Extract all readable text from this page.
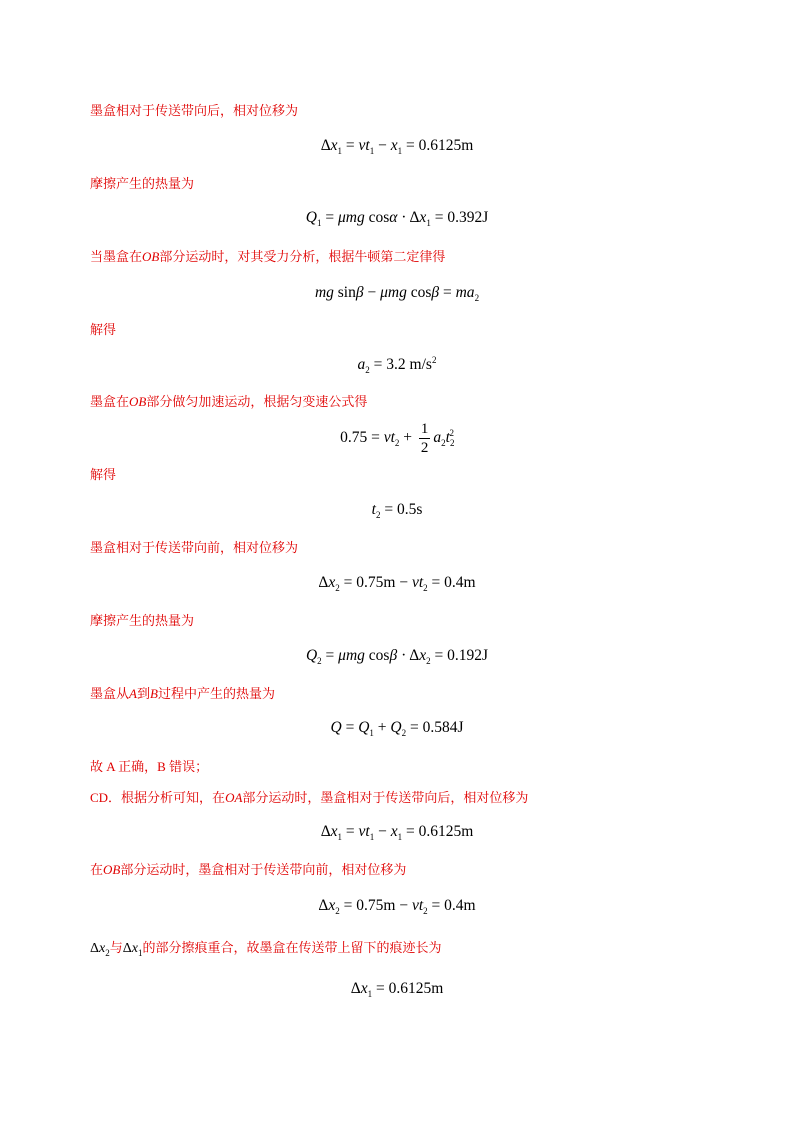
墨盒相对于传送带向后，相对位移为
$\Delta x_1 = vt_1 - x_1 = 0.6125m$
摩擦产生的热量为
$Q_1 = \mu mg$ $\cos\alpha \cdot \Delta x_1 = 0.392J$
当墨盒在OB部分运动时，对其受力分析，根据牛顿第二定律得
mg sinβ − μmg $\cos\beta = ma_2$
解得
$a_2 = 3.2$ $m/s^2$
墨盒在OB部分做匀加速运动，根据匀变速公式得
$0.75 = vt_2 + \frac{1}{2} a_2t_2^2$
解得
$t_2 = 0.5s$
墨盒相对于传送带向前，相对位移为
$\Delta x_2 = 0.75m - vt_2 = 0.4m$
摩擦产生的热量为
$Q_2 = \mu mg$ $\cos\beta \cdot \Delta x_2 = 0.192J$
墨盒从A到B过程中产生的热量为
$Q = Q_1 + Q_2 = 0.584J$
故 A 正确，B 错误；
CD．根据分析可知，在OA部分运动时，墨盒相对于传送带向后，相对位移为
$\Delta x_1 = vt_1 - x_1 = 0.6125m$
在OB部分运动时，墨盒相对于传送带向前，相对位移为
$\Delta x_2 = 0.75m - vt_2 = 0.4m$
$\Delta x_2$与$\Delta x_1$的部分擦痕重合，故墨盒在传送带上留下的痕迹长为
$\Delta x_1 = 0.6125m$
